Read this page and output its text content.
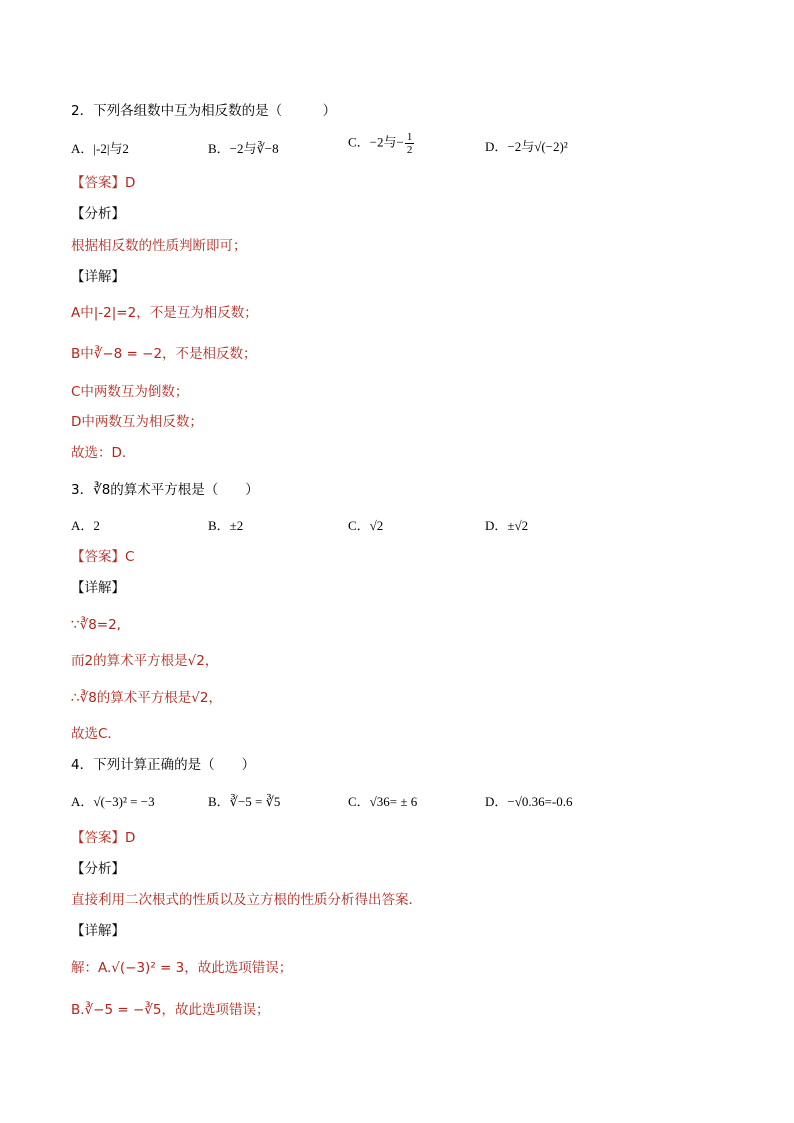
2．下列各组数中互为相反数的是（　　　）
A．|-2|与2	B．−2与∛−8	C．−2与− $\frac{1}{2}$	D．−2与√(−2)²
【答案】D
【分析】
根据相反数的性质判断即可；
【详解】
A中|-2|=2，不是互为相反数；
B中∛−8 = −2，不是相反数；
C中两数互为倒数；
D中两数互为相反数；
故选：D．
3．∛8的算术平方根是（　　）
A．2	B．±2	C．√2	D．±√2
【答案】C
【详解】
∵∛8=2,
而2的算术平方根是√2，
∴∛8的算术平方根是√2，
故选C．
4．下列计算正确的是（　　）
A．√(−3)² = −3	B．∛−5 = ∛5	C．√36= ± 6	D．−√0.36=-0.6
【答案】D
【分析】
直接利用二次根式的性质以及立方根的性质分析得出答案．
【详解】
解：A.√(−3)² = 3，故此选项错误；
B.∛−5 = −∛5，故此选项错误；
